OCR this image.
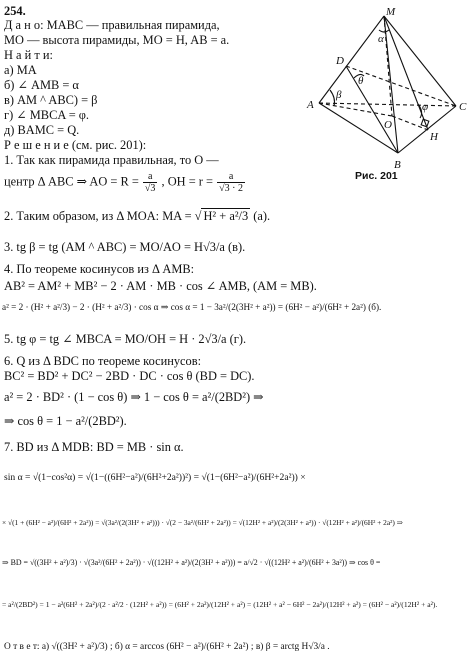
M
A
B
C
D
O
H
α
β
θ
φ
Рис. 201
254.
Д а н о: MABC — правильная пирамида,
MO — высота пирамиды, MO = H, AB = a.
Н а й т и:
а) MA
б) ∠ AMB = α
в) AM ^ ABC) = β
г) ∠ MBCA = φ.
д) BAMC = Q.
Р е ш е н и е (см. рис. 201):
1. Так как пирамида правильная, то O —
центр Δ ABC ⇒ AO = $R = \frac{a}{√3}$ , OH = $r = \frac{a}{√3 \cdot 2}$
2. Таким образом, из Δ MOA: MA = √ H² + a²/3 (а).
3. tg β = tg (AM ^ ABC) = MO/AO = H√3/a (в).
4. По теореме косинусов из Δ AMB:
AB² = AM² + MB² − 2 · AM · MB · cos ∠ AMB, (AM = MB).
a² = 2 · (H² + a²/3) − 2 · (H² + a²/3) · cos α ⇒ cos α = 1 − 3a²/(2(3H² + a²)) = (6H² − a²)/(6H² + 2a²) (б).
5. tg φ = tg ∠ MBCA = MO/OH = H · 2√3/a (г).
6. Q из Δ BDC по теореме косинусов:
BC² = BD² + DC² − 2BD · DC · cos θ (BD = DC).
a² = 2 · BD² · (1 − cos θ) ⇒ 1 − cos θ = a²/(2BD²) ⇒
⇒ cos θ = 1 − a²/(2BD²).
7. BD из Δ MDB: BD = MB · sin α.
sin α = √(1−cos²α) = √(1−((6H²−a²)/(6H²+2a²))²) = √(1−(6H²−a²)/(6H²+2a²)) ×
× √(1 + (6H² − a²)/(6H² + 2a²)) = √(3a²/(2(3H² + a²))) · √(2 − 3a²/(6H² + 2a²)) = √(12H² + a²)/(2(3H² + a²)) · √(12H² + a²)/(6H² + 2a²) ⇒
⇒ BD = √((3H² + a²)/3) · √(3a²/(6H² + 2a²)) · √((12H² + a²)/(2(3H² + a²))) = a/√2 · √((12H² + a²)/(6H² + 3a²)) ⇒ cos θ =
= a²/(2BD²) = 1 − a²(6H² + 2a²)/(2 · a²/2 · (12H² + a²)) = (6H² + 2a²)/(12H² + a²) = (12H² + a² − 6H² − 2a²)/(12H² + a²) = (6H² − a²)/(12H² + a²).
О т в е т: а) √((3H² + a²)/3) ; б) α = arccos (6H² − a²)/(6H² + 2a²) ; в) β = arctg H√3/a .
